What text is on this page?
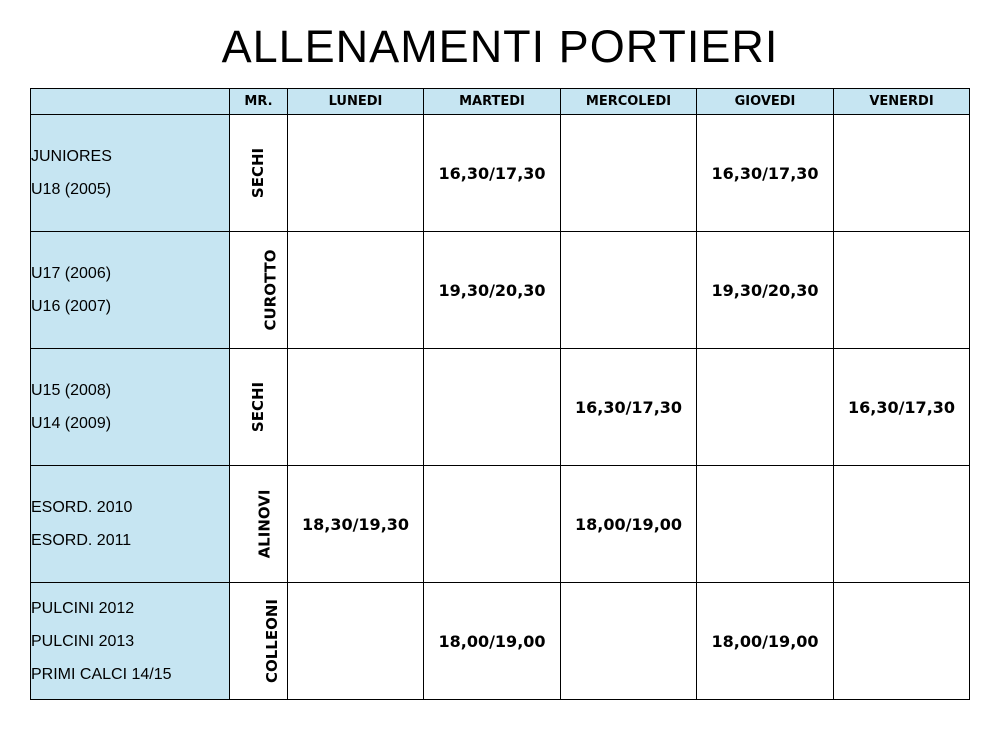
ALLENAMENTI PORTIERI
	MR.	LUNEDI	MARTEDI	MERCOLEDI	GIOVEDI	VENERDI

JUNIORES
U18 (2005)	SECHI		16,30/17,30		16,30/17,30	

U17 (2006)
U16 (2007)	CUROTTO		19,30/20,30		19,30/20,30	

U15 (2008)
U14 (2009)	SECHI			16,30/17,30		16,30/17,30

ESORD. 2010
ESORD. 2011	ALINOVI	18,30/19,30		18,00/19,00		

PULCINI 2012
PULCINI 2013
PRIMI CALCI 14/15	COLLEONI		18,00/19,00		18,00/19,00	
